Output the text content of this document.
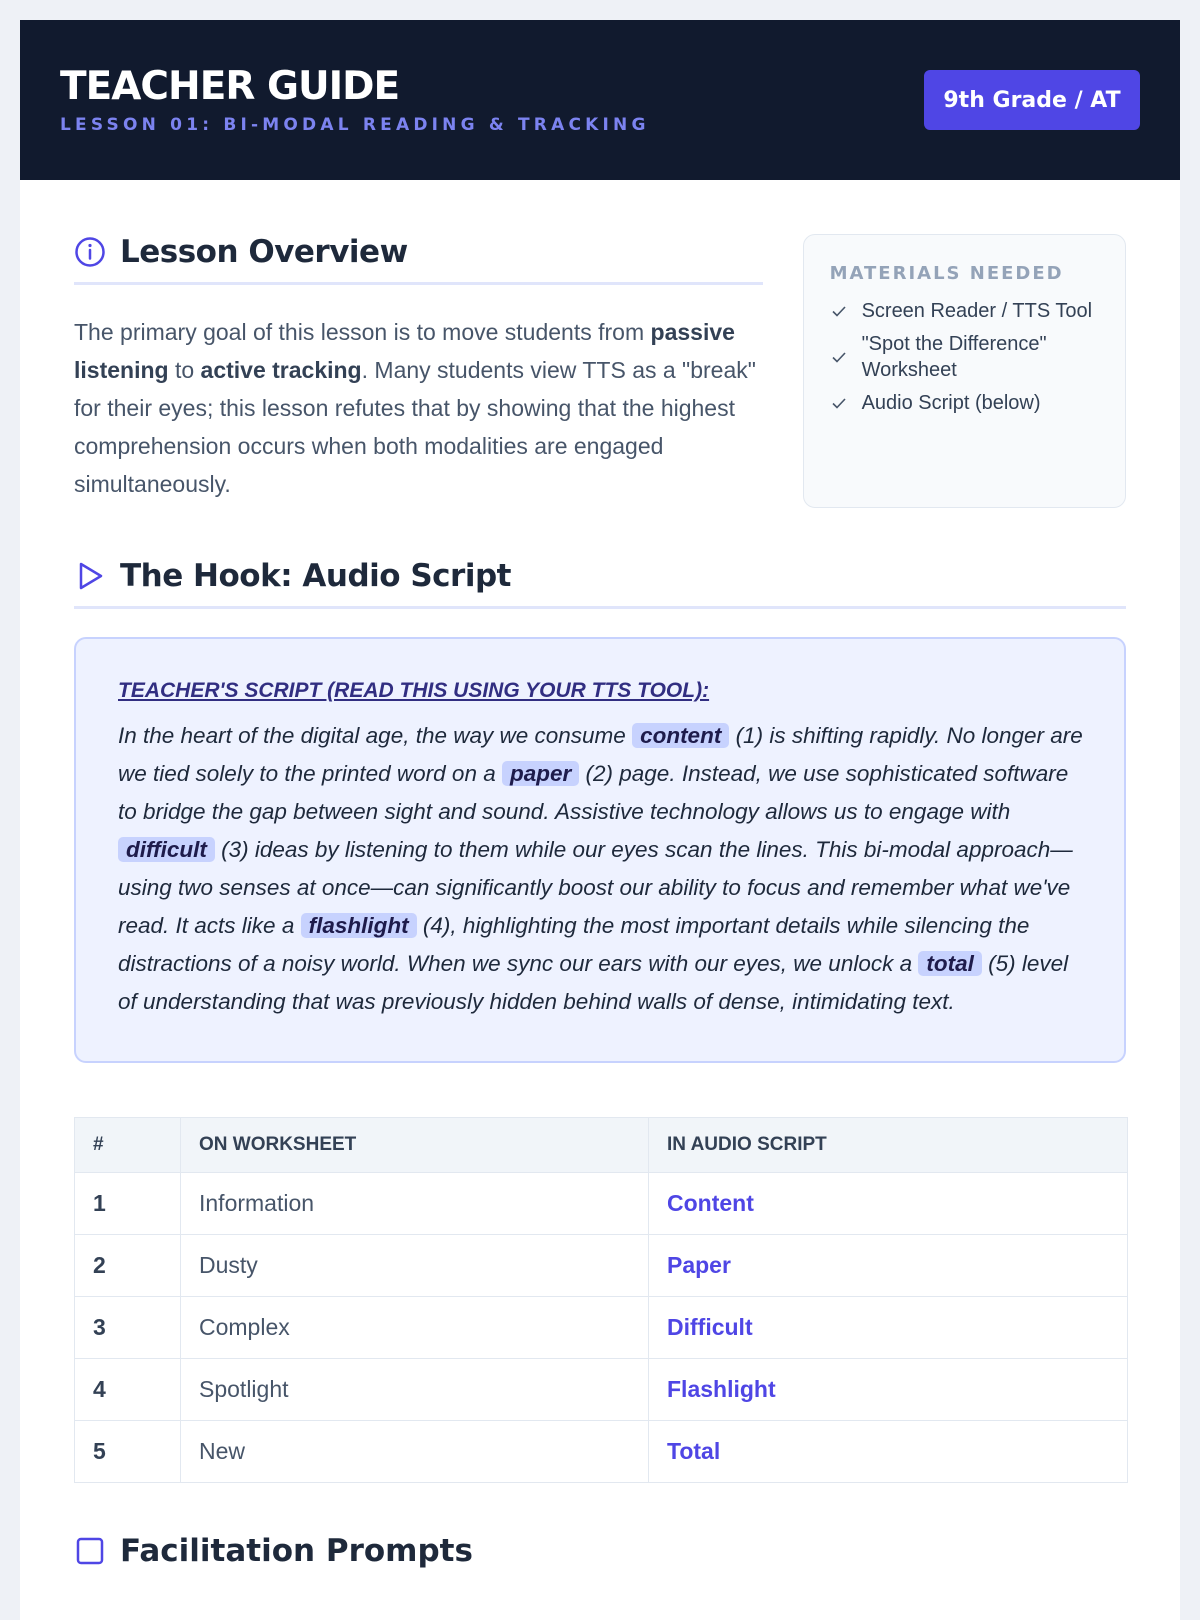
TEACHER GUIDE
LESSON 01: BI-MODAL READING & TRACKING
9th Grade / AT
Lesson Overview

The primary goal of this lesson is to move students from passive listening to active tracking. Many students view TTS as a "break" for their eyes; this lesson refutes that by showing that the highest comprehension occurs when both modalities are engaged simultaneously.

MATERIALS NEEDED
Screen Reader / TTS Tool
"Spot the Difference" Worksheet
Audio Script (below)
The Hook: Audio Script
TEACHER'S SCRIPT (READ THIS USING YOUR TTS TOOL):

In the heart of the digital age, the way we consume content (1) is shifting rapidly. No longer are we tied solely to the printed word on a paper (2) page. Instead, we use sophisticated software to bridge the gap between sight and sound. Assistive technology allows us to engage with difficult (3) ideas by listening to them while our eyes scan the lines. This bi-modal approach—using two senses at once—can significantly boost our ability to focus and remember what we've read. It acts like a flashlight (4), highlighting the most important details while silencing the distractions of a noisy world. When we sync our ears with our eyes, we unlock a total (5) level of understanding that was previously hidden behind walls of dense, intimidating text.

#	ON WORKSHEET	IN AUDIO SCRIPT
1	Information	Content
2	Dusty	Paper
3	Complex	Difficult
4	Spotlight	Flashlight
5	New	Total
Facilitation Prompts
